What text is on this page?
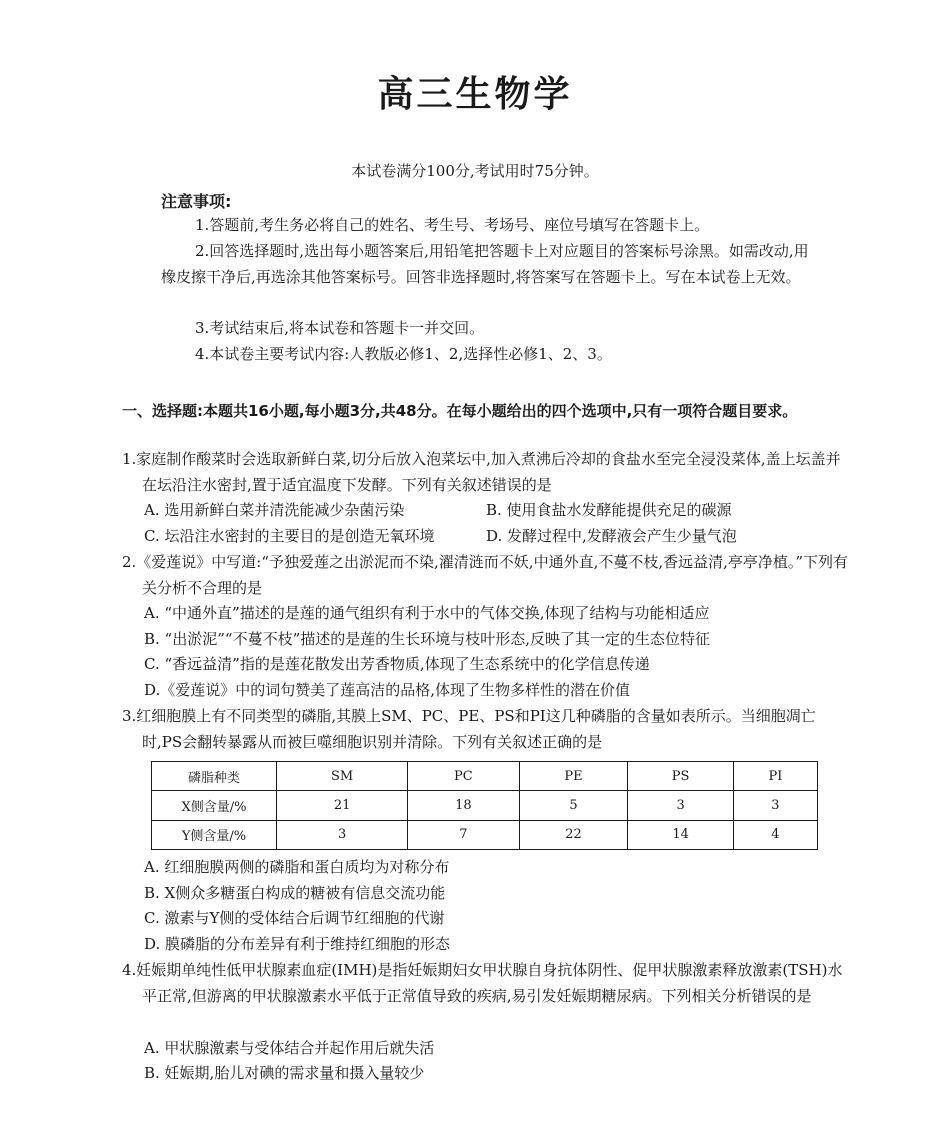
高三生物学
本试卷满分100分,考试用时75分钟。
注意事项:
1.答题前,考生务必将自己的姓名、考生号、考场号、座位号填写在答题卡上。
2.回答选择题时,选出每小题答案后,用铅笔把答题卡上对应题目的答案标号涂黑。如需改动,用橡皮擦干净后,再选涂其他答案标号。回答非选择题时,将答案写在答题卡上。写在本试卷上无效。
3.考试结束后,将本试卷和答题卡一并交回。
4.本试卷主要考试内容:人教版必修1、2,选择性必修1、2、3。
一、选择题:本题共16小题,每小题3分,共48分。在每小题给出的四个选项中,只有一项符合题目要求。
1.家庭制作酸菜时会选取新鲜白菜,切分后放入泡菜坛中,加入煮沸后冷却的食盐水至完全浸没菜体,盖上坛盖并在坛沿注水密封,置于适宜温度下发酵。下列有关叙述错误的是
A. 选用新鲜白菜并清洗能减少杂菌污染	B. 使用食盐水发酵能提供充足的碳源
C. 坛沿注水密封的主要目的是创造无氧环境	D. 发酵过程中,发酵液会产生少量气泡
2.《爱莲说》中写道:“予独爱莲之出淤泥而不染,濯清涟而不妖,中通外直,不蔓不枝,香远益清,亭亭净植。”下列有关分析不合理的是
A. “中通外直”描述的是莲的通气组织有利于水中的气体交换,体现了结构与功能相适应
B. “出淤泥”“不蔓不枝”描述的是莲的生长环境与枝叶形态,反映了其一定的生态位特征
C. “香远益清”指的是莲花散发出芳香物质,体现了生态系统中的化学信息传递
D.《爱莲说》中的词句赞美了莲高洁的品格,体现了生物多样性的潜在价值
3.红细胞膜上有不同类型的磷脂,其膜上SM、PC、PE、PS和PI这几种磷脂的含量如表所示。当细胞凋亡时,PS会翻转暴露从而被巨噬细胞识别并清除。下列有关叙述正确的是
磷脂种类	SM	PC	PE	PS	PI
X侧含量/%	21	18	5	3	3
Y侧含量/%	3	7	22	14	4
A. 红细胞膜两侧的磷脂和蛋白质均为对称分布
B. X侧众多糖蛋白构成的糖被有信息交流功能
C. 激素与Y侧的受体结合后调节红细胞的代谢
D. 膜磷脂的分布差异有利于维持红细胞的形态
4.妊娠期单纯性低甲状腺素血症(IMH)是指妊娠期妇女甲状腺自身抗体阴性、促甲状腺激素释放激素(TSH)水平正常,但游离的甲状腺激素水平低于正常值导致的疾病,易引发妊娠期糖尿病。下列相关分析错误的是
A. 甲状腺激素与受体结合并起作用后就失活
B. 妊娠期,胎儿对碘的需求量和摄入量较少
